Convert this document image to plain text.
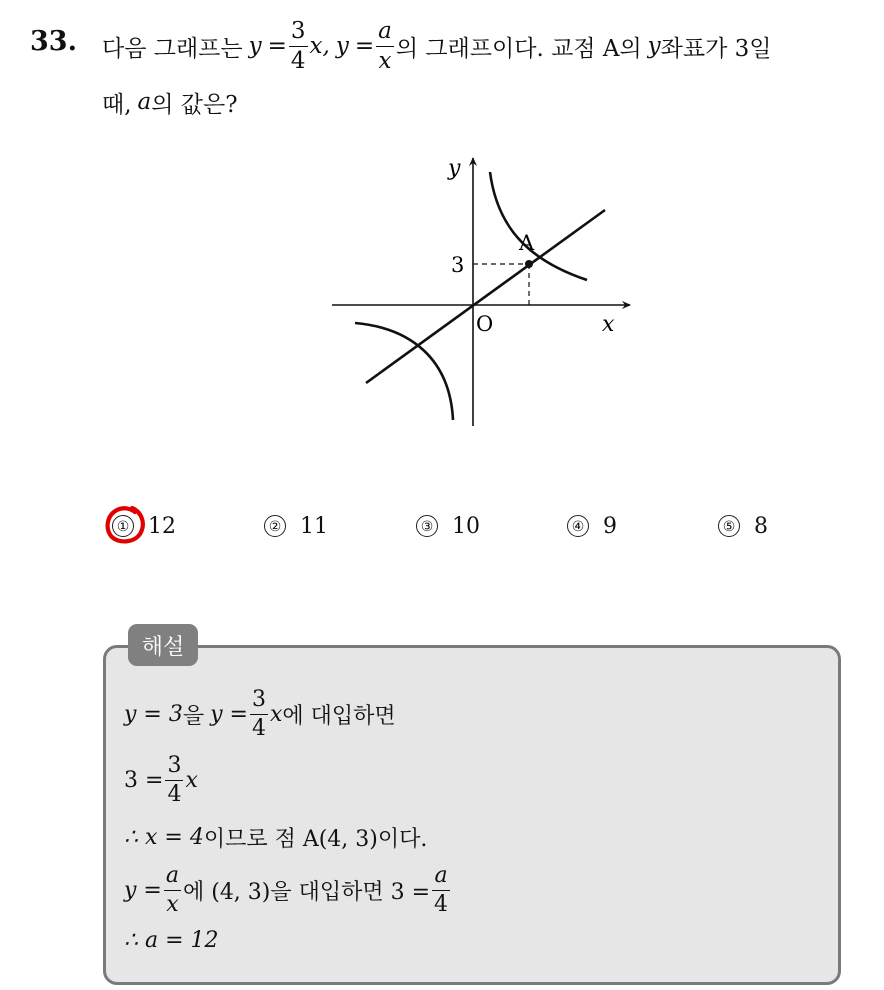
33. 다음 그래프는 $y = \frac{3}{4} x$, $y = \frac{a}{x}$ 의 그래프이다. 교점 A의 y 좌표가 3일
때, a 의 값은?
A
3
O	x
y
① 12	② 11	③ 10	④ 9	⑤ 8
해설
y = 3 을 $y = \frac{3}{4}$ x 에 대입하면
$3 = \frac{3}{4}$ x
∴ x = 4 이므로 점 A(4, 3)이다.
$y = \frac{a}{x}$ 에 (4, 3)을 대입하면 $3 = \frac{a}{4}$
∴ a = 12
